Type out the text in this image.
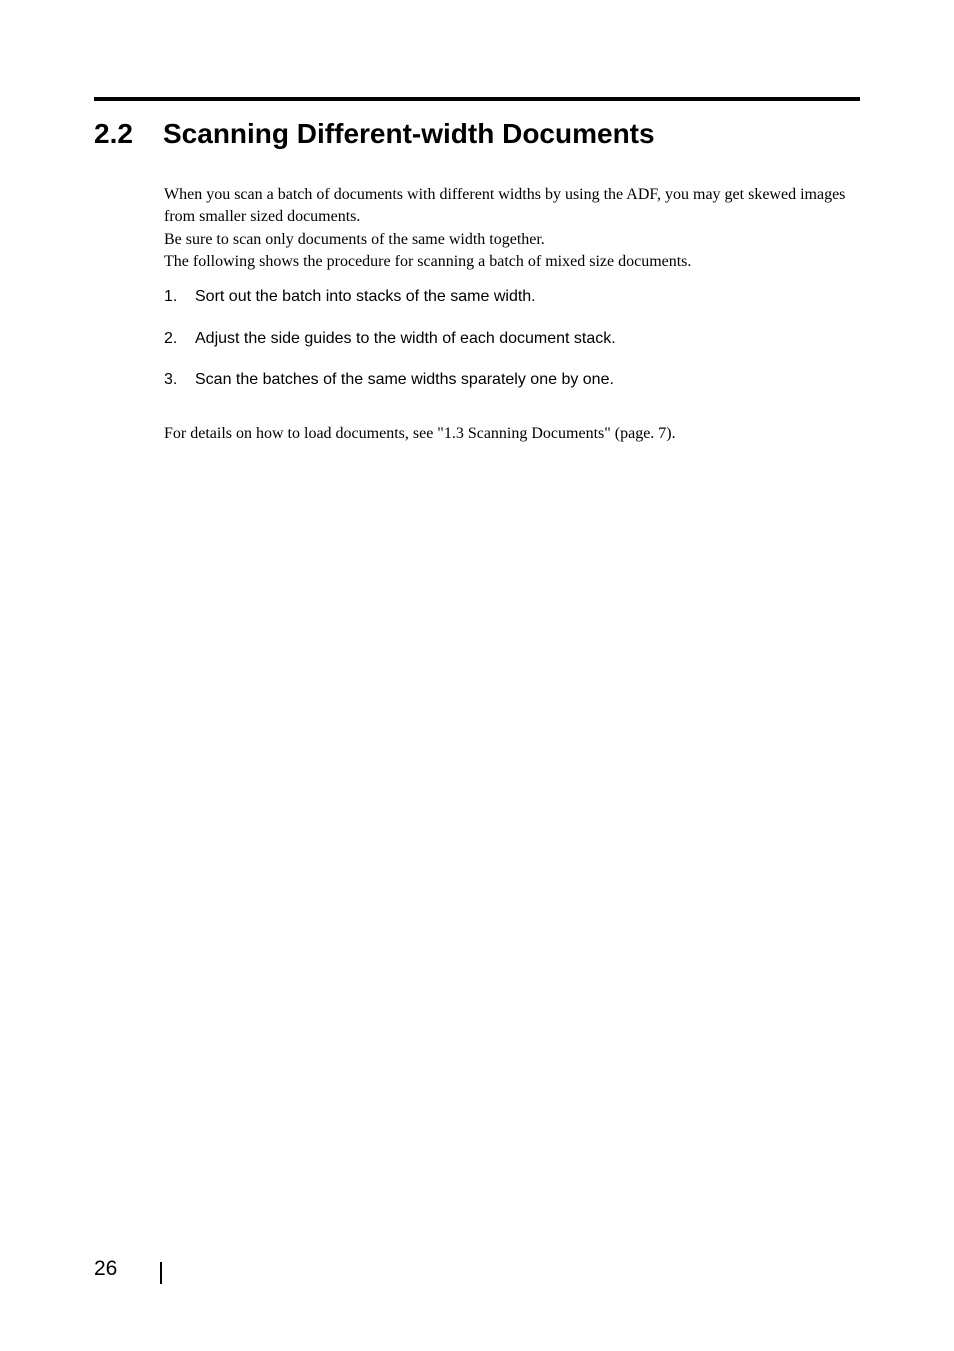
2.2 Scanning Different-width Documents

When you scan a batch of documents with different widths by using the ADF, you may get skewed images from smaller sized documents.

Be sure to scan only documents of the same width together.

The following shows the procedure for scanning a batch of mixed size documents.

1.	Sort out the batch into stacks of the same width.
2.	Adjust the side guides to the width of each document stack.
3.	Scan the batches of the same widths sparately one by one.

For details on how to load documents, see "1.3 Scanning Documents" (page. 7).

26
